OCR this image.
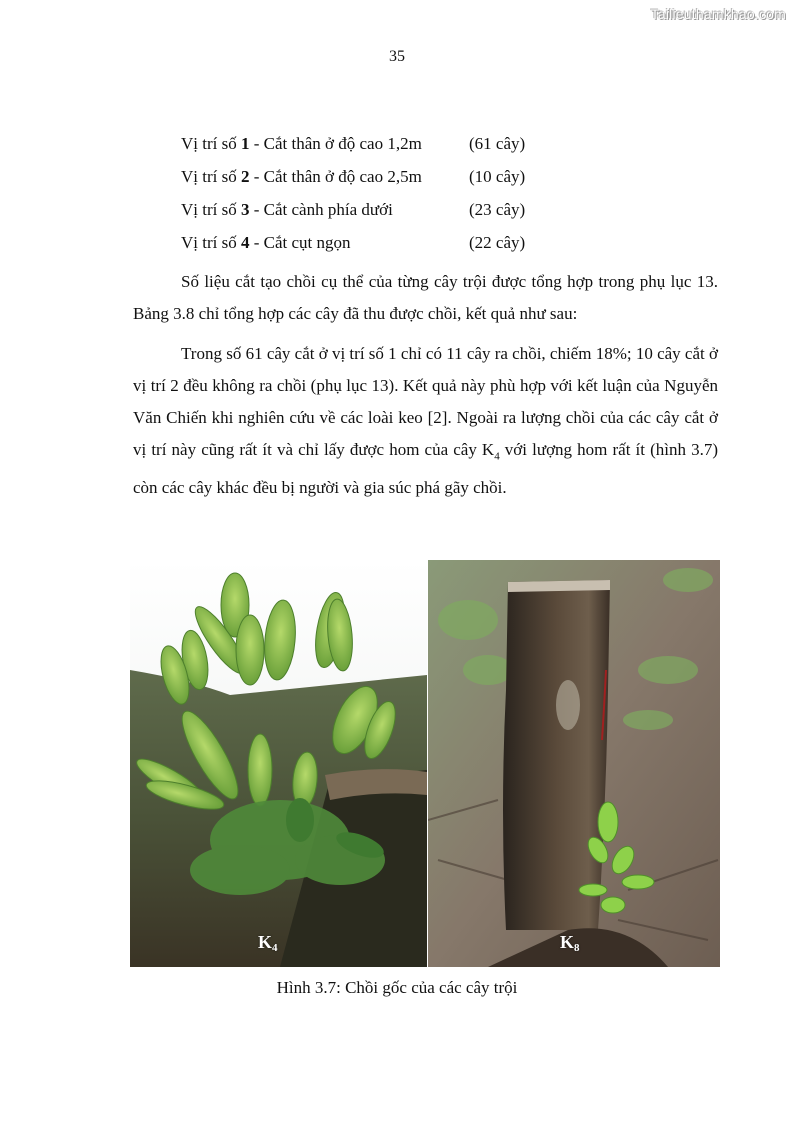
Tailieuthamkhao.com
35
Vị trí số 1 - Cắt thân ở độ cao 1,2m	(61 cây)
Vị trí số 2 - Cắt thân ở độ cao 2,5m	(10 cây)
Vị trí số 3 - Cắt cành phía dưới	(23 cây)
Vị trí số 4 - Cắt cụt ngọn	(22 cây)

Số liệu cắt tạo chồi cụ thể của từng cây trội được tổng hợp trong phụ lục 13. Bảng 3.8 chỉ tổng hợp các cây đã thu được chồi, kết quả như sau:

Trong số 61 cây cắt ở vị trí số 1 chỉ có 11 cây ra chồi, chiếm 18%; 10 cây cắt ở vị trí 2 đều không ra chồi (phụ lục 13). Kết quả này phù hợp với kết luận của Nguyễn Văn Chiến khi nghiên cứu về các loài keo [2]. Ngoài ra lượng chồi của các cây cắt ở vị trí này cũng rất ít và chỉ lấy được hom của cây $K_4$ với lượng hom rất ít (hình 3.7) còn các cây khác đều bị người và gia súc phá gãy chồi.

$K_4$	$K_8$
Hình 3.7: Chồi gốc của các cây trội
